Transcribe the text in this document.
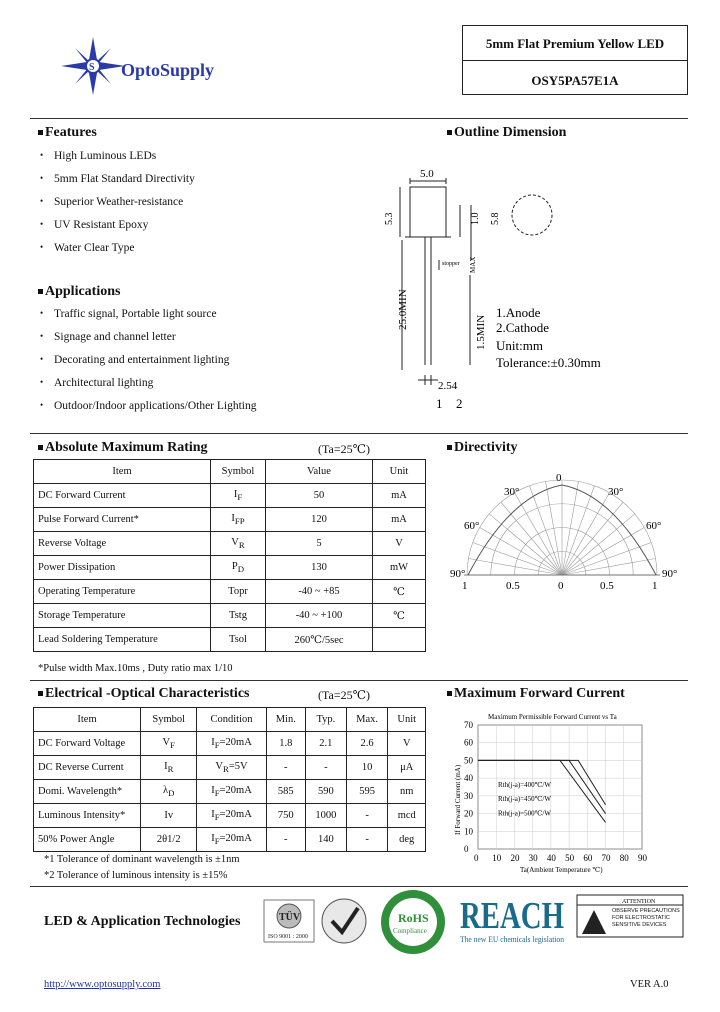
S OptoSupply
5mm Flat Premium Yellow LED
OSY5PA57E1A
Features
• High Luminous LEDs
• 5mm Flat Standard Directivity
• Superior Weather-resistance
• UV Resistant Epoxy
• Water Clear Type
Applications
• Traffic signal, Portable light source
• Signage and channel letter
• Decorating and entertainment lighting
• Architectural lighting
• Outdoor/Indoor applications/Other Lighting
Outline Dimension
5.0
5.3	1.0 5.8
MAX
stopper
25.0MIN
1.5MIN
2.54
1 2
1.Anode
2.Cathode
Unit:mm
Tolerance:±0.30mm
Absolute Maximum Rating	(Ta=25℃)
Item	Symbol	Value	Unit
DC Forward Current	$I_F$	50	mA
Pulse Forward Current*	$I_{FP}$	120	mA
Reverse Voltage	$V_R$	5	V
Power Dissipation	$P_D$	130	mW
Operating Temperature	Topr	-40 ~ +85	℃
Storage Temperature	Tstg	-40 ~ +100	℃
Lead Soldering Temperature	Tsol	260℃/5sec	
*Pulse width Max.10ms , Duty ratio max 1/10
Directivity
0
30°	30°
60°	60°
90°	90°
1	0.5	0	0.5	1
Electrical -Optical Characteristics	(Ta=25℃)
Item	Symbol	Condition	Min.	Typ.	Max.	Unit
DC Forward Voltage	$V_F$	$I_F=20mA$	1.8	2.1	2.6	V
DC Reverse Current	$I_R$	$V_R=5V$	-	-	10	μA
Domi. Wavelength*	$\lambda_D$	$I_F=20mA$	585	590	595	nm
Luminous Intensity*	Iv	$I_F=20mA$	750	1000	-	mcd
50% Power Angle	2θ1/2	$I_F=20mA$	-	140	-	deg
*1 Tolerance of dominant wavelength is ±1nm
*2 Tolerance of luminous intensity is ±15%
Maximum Forward Current
Maximum Permissible Forward Current vs Ta
0 10 20 30 40 50 60 70 80 90
0
10
20
30
40
50
60
70
Rth(j-a)=400℃/W
Rth(j-a)=450℃/W
Rth(j-a)=500℃/W
If Forward Current (mA)
Ta(Ambient Temperature ℃)
LED & Application Technologies	TÜV
ISO 9001 : 2000
RoHS
Compliance REACH
The new EU chemicals legislation
ATTENTION
OBSERVE PRECAUTIONS FOR ELECTROSTATIC SENSITIVE DEVICES
http://www.optosupply.com	VER A.0
